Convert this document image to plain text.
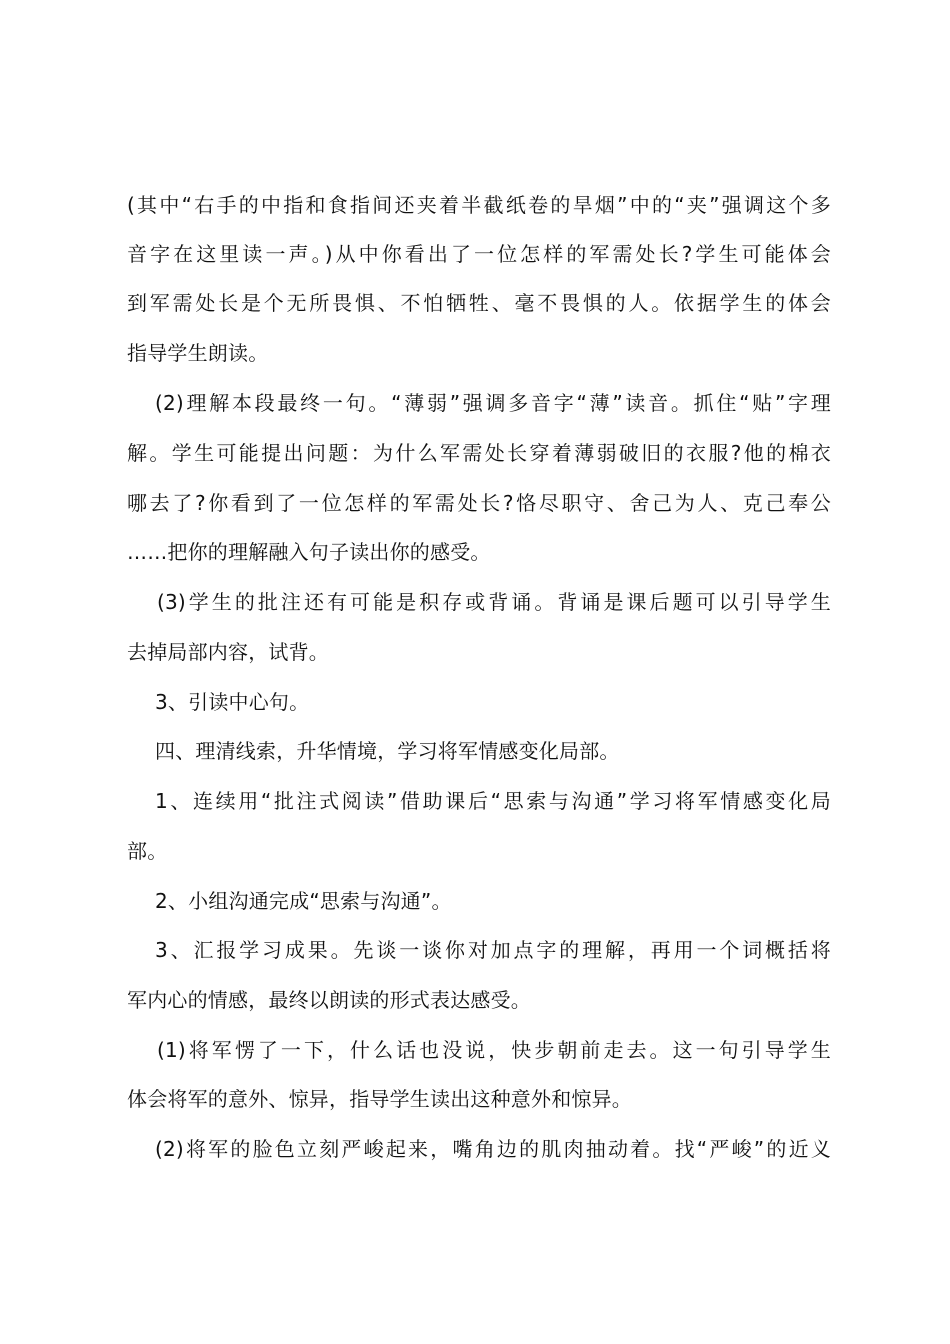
(其中“右手的中指和食指间还夹着半截纸卷的旱烟”中的“夹”强调这个多
音字在这里读一声。)从中你看出了一位怎样的军需处长?学生可能体会
到军需处长是个无所畏惧、不怕牺牲、毫不畏惧的人。依据学生的体会
指导学生朗读。
(2)理解本段最终一句。“薄弱”强调多音字“薄”读音。抓住“贴”字理
解。学生可能提出问题：为什么军需处长穿着薄弱破旧的衣服?他的棉衣
哪去了?你看到了一位怎样的军需处长?恪尽职守、舍己为人、克己奉公
……把你的理解融入句子读出你的感受。
(3)学生的批注还有可能是积存或背诵。背诵是课后题可以引导学生
去掉局部内容，试背。
3、引读中心句。
四、理清线索，升华情境，学习将军情感变化局部。
1、连续用“批注式阅读”借助课后“思索与沟通”学习将军情感变化局
部。
2、小组沟通完成“思索与沟通”。
3、汇报学习成果。先谈一谈你对加点字的理解，再用一个词概括将
军内心的情感，最终以朗读的形式表达感受。
(1)将军愣了一下，什么话也没说，快步朝前走去。这一句引导学生
体会将军的意外、惊异，指导学生读出这种意外和惊异。
(2)将军的脸色立刻严峻起来，嘴角边的肌肉抽动着。找“严峻”的近义
